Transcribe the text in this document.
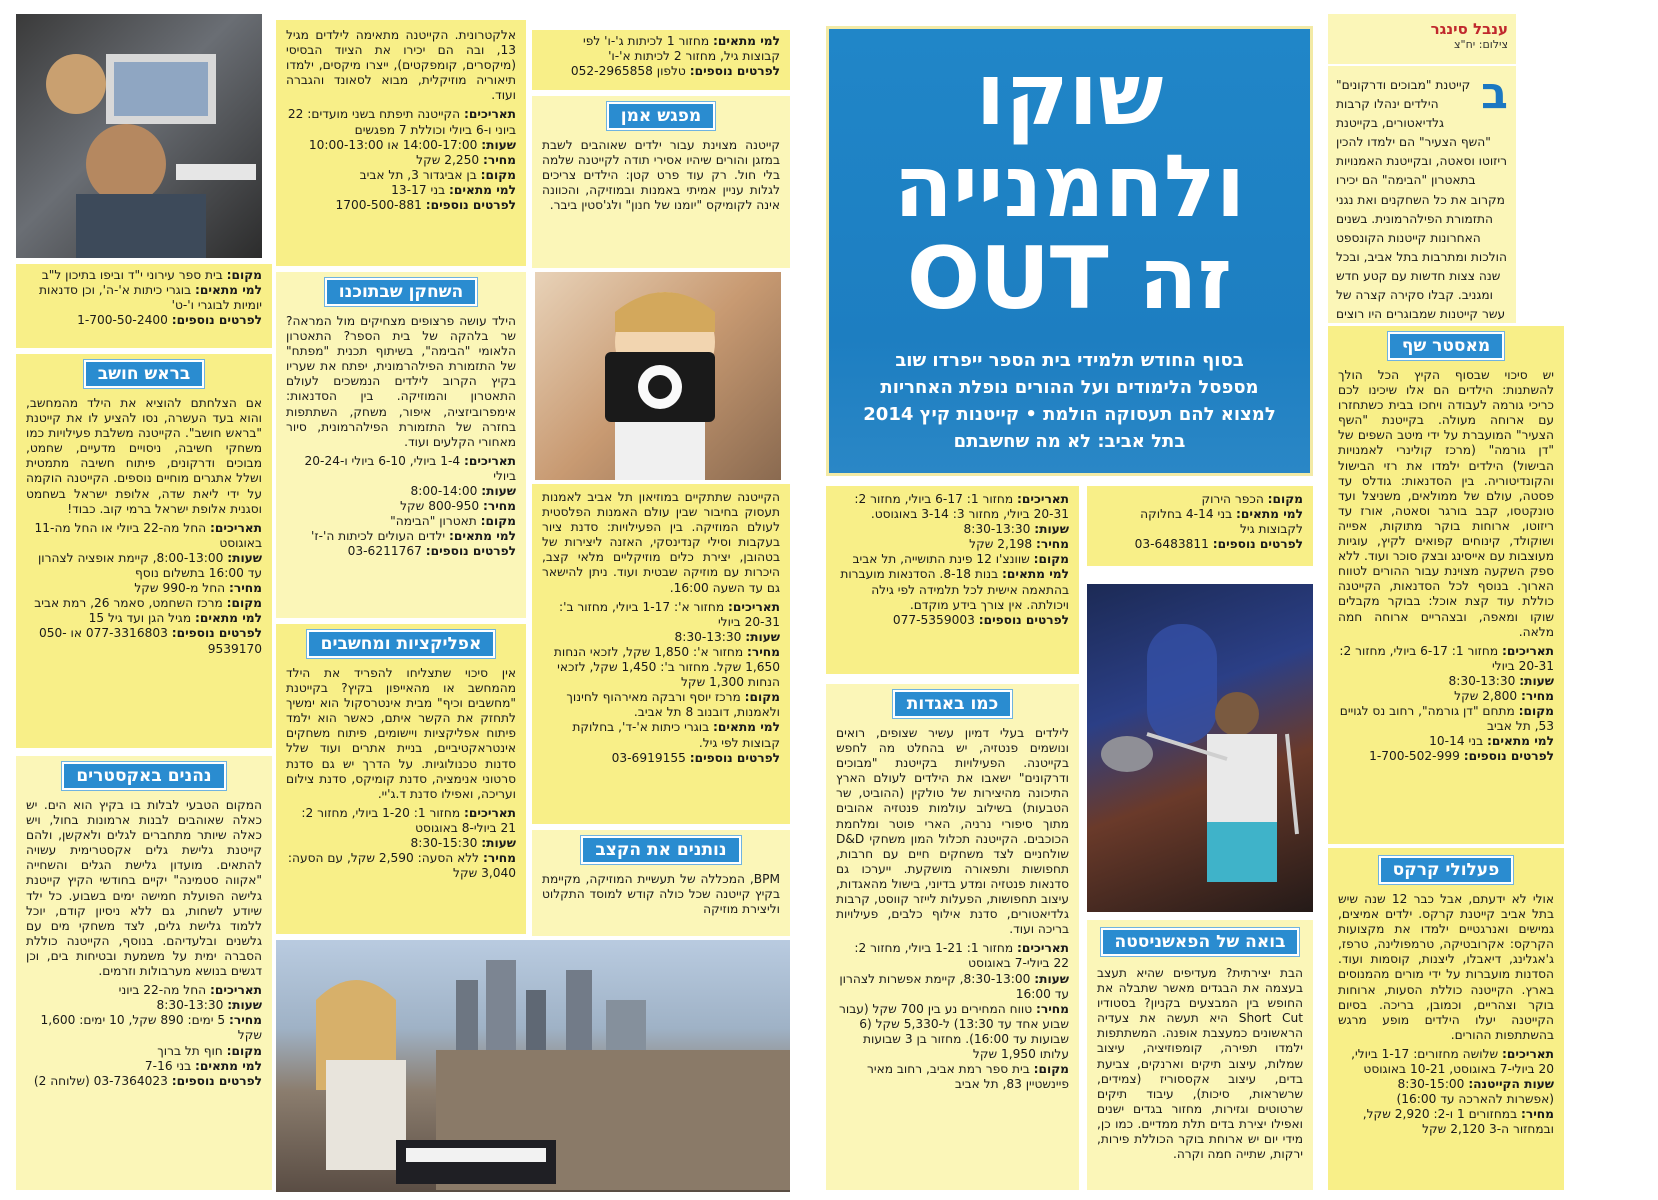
ענבל סינגר
צילום: יח"צ
ב
קייטנת "מבוכים ודרקונים" הילדים ינהלו קרבות גלדיאטורים, בקייטנת "השף הצעיר" הם ילמדו להכין ריזוטו וסאטה, ובקייטנת האמנויות בתאטרון "הבימה" הם יכירו מקרוב את כל השחקנים ואת נגני התזמורת הפילהרמונית. בשנים האחרונות קייטנות הקונספט הולכות ומתרבות בתל אביב, ובכל שנה צצות חדשות עם קטע חדש ומגניב. קבלו סקירה קצרה של עשר קייטנות שמבוגרים היו רוצים
מאסטר שף
יש סיכוי שבסוף הקיץ הכל הולך להשתנות: הילדים הם אלו שיכינו לכם כריכי גורמה לעבודה ויחכו בבית כשתחזרו עם ארוחה מעולה. בקייטנת "השף הצעיר" המועברת על ידי מיטב השפים של "דן גורמה" (מרכז קולינרי לאמנויות הבישול) הילדים ילמדו את רזי הבישול והקונדיטוריה. בין הסדנאות: גודלס עד פסטה, עולם של ממולאים, משניצל ועד טונקטסו, קבב בורגר וסאטה, אורז עד ריזוטו, ארוחות בוקר מתוקות, אפייה ושוקולד, קינוחים קפואים לקיץ, עוגיות מעוצבות עם אייסינג ובצק סוכר ועוד. ללא ספק השקעה מצוינת עבור ההורים לטווח הארוך. בנוסף לכל הסדנאות, הקייטנה כוללת עוד קצת אוכל: בבוקר מקבלים שוקו ומאפה, ובצהריים ארוחה חמה מלאה.

תאריכים: מחזור 1: 6-17 ביולי, מחזור 2: 20-31 ביולי

שעות: 8:30-13:30

מחיר: 2,800 שקל

מקום: מתחם "דן גורמה", רחוב נס לגויים 53, תל אביב

למי מתאים: בני 10-14

לפרטים נוספים: 1-700-502-999

פעלולי קרקס
אולי לא ידעתם, אבל כבר 12 שנה שיש בתל אביב קייטנת קרקס. ילדים אמיצים, גמישים ואנרגטיים ילמדו את מקצועות הקרקס: אקרובטיקה, טרמפולינה, טרפז, ג'אגלינג, דיאבלו, ליצנות, קוסמות ועוד. הסדנות מועברות על ידי מורים מהמנוסים בארץ. הקייטנה כוללת הסעות, ארוחות בוקר וצהריים, וכמובן, בריכה. בסיום הקייטנה יעלו הילדים מופע מרגש בהשתתפות ההורים.

תאריכים: שלושה מחזורים: 1-17 ביולי, 20 ביולי-7 באוגוסט, 10-21 באוגוסט

שעות הקייטנה: 8:30-15:00

(אפשרות להארכה עד 16:00)

מחיר: במחזורים 1 ו-2: 2,920 שקל, ובמחזור ה-3 2,120 שקל

שוקו
ולחמנייה
זה OUT
בסוף החודש תלמידי בית הספר ייפרדו שוב
מספסל הלימודים ועל ההורים נופלת האחריות
למצוא להם תעסוקה הולמת • קייטנות קיץ 2014
בתל אביב: לא מה שחשבתם

מקום: הכפר הירוק

למי מתאים: בני 4-14 בחלוקה לקבוצות גיל

לפרטים נוספים: 03-6483811

בואה של הפאשניסטה
הבת יצירתית? מעדיפים שהיא תעצב בעצמה את הבגדים מאשר שתבלה את החופש בין המבצעים בקניון? בסטודיו Short Cut היא תעשה את צעדיה הראשונים כמעצבת אופנה. המשתתפות ילמדו תפירה, קומפוזיציה, עיצוב שמלות, עיצוב תיקים וארנקים, צביעת בדים, עיצוב אקססוריז (צמידים, שרשראות, סיכות), עיבוד תיקים שרטוטים וגזירות, מחזור בגדים ישנים ואפילו יצירת בדים תלת ממדיים. כמו כן, מידי יום יש ארוחת בוקר הכוללת פירות, ירקות, שתייה חמה וקרה.

תאריכים: מחזור 1: 6-17 ביולי, מחזור 2: 20-31 ביולי, מחזור 3: 3-14 באוגוסט.

שעות: 8:30-13:30

מחיר: 2,198 שקל

מקום: שוונצ'ו 12 פינת התושייה, תל אביב

למי מתאים: בנות 8-18. הסדנאות מועברות בהתאמה אישית לכל תלמידה לפי גילה ויכולתה. אין צורך בידע מוקדם.

לפרטים נוספים: 077-5359003

כמו באגדות
לילדים בעלי דמיון עשיר שצופים, רואים ונושמים פנטזיה, יש בהחלט מה לחפש בקייטנה. הפעילויות בקייטנת "מבוכים ודרקונים" ישאבו את הילדים לעולם הארץ התיכונה מהיצירות של טולקין (ההוביט, שר הטבעות) בשילוב עולמות פנטזיה אהובים מתוך סיפורי נרניה, הארי פוטר ומלחמת הכוכבים. הקייטנה תכלול המון משחקי D&D שולחניים לצד משחקים חיים עם חרבות, תחפושות ותפאורה מושקעת. ייערכו גם סדנאות פנטזיה ומדע בדיוני, בישול מהאגדות, עיצוב תחפושות, הפעלות לייזר קווסט, קרבות גלדיאטורים, סדנת אילוף כלבים, פעילויות בריכה ועוד.

תאריכים: מחזור 1: 1-21 ביולי, מחזור 2: 22 ביולי-7 באוגוסט

שעות: 8:30-13:00, קיימת אפשרות לצהרון עד 16:00

מחיר: טווח המחירים נע בין 700 שקל (עבור שבוע אחד עד 13:30) ל-5,330 שקל (6 שבועות עד 16:00). מחזור בן 3 שבועות עלותו 1,950 שקל

מקום: בית ספר רמת אביב, רחוב מאיר פיינשטיין 83, תל אביב

למי מתאים: מחזור 1 לכיתות ג'-ו' לפי קבוצות גיל, מחזור 2 לכיתות א'-ו'

לפרטים נוספים: טלפון 052-2965858

מפגש אמן
קייטנה מצוינת עבור ילדים שאוהבים לשבת במזגן והורים שיהיו אסירי תודה לקייטנה שלמה בלי חול. רק עוד פרט קטן: הילדים צריכים לגלות עניין אמיתי באמנות ובמוזיקה, והכוונה אינה לקומיקס "יומנו של חנון" ולג'סטין ביבר.
הקייטנה שתתקיים במוזיאון תל אביב לאמנות תעסוק בחיבור שבין עולם האמנות הפלסטית לעולם המוזיקה. בין הפעילויות: סדנת ציור בעקבות וסילי קנדינסקי, האזנה ליצירות של בטהובן, יצירת כלים מוזיקליים מלאי קצב, היכרות עם מוזיקה שבטית ועוד. ניתן להישאר גם עד השעה 16:00.

תאריכים: מחזור א': 1-17 ביולי, מחזור ב': 20-31 ביולי

שעות: 8:30-13:30

מחיר: מחזור א': 1,850 שקל, לזכאי הנחות 1,650 שקל. מחזור ב': 1,450 שקל, לזכאי הנחות 1,300 שקל

מקום: מרכז יוסף ורבקה מאירהוף לחינוך ולאמנות, דובנוב 8 תל אביב.

למי מתאים: בוגרי כיתות א'-ד', בחלוקת קבוצות לפי גיל.

לפרטים נוספים: 03-6919155

נותנים את הקצב
BPM, המכללה של תעשיית המוזיקה, מקיימת בקיץ קייטנה שכל כולה קודש למוסד התקלוט וליצירת מוזיקה
אלקטרונית. הקייטנה מתאימה לילדים מגיל 13, ובה הם יכירו את הציוד הבסיסי (מיקסרים, קומפקטים), ייצרו מיקסים, ילמדו תיאוריה מוזיקלית, מבוא לסאונד והגברה ועוד.

תאריכים: הקייטנה תיפתח בשני מועדים: 22 ביוני ו-6 ביולי וכוללת 7 מפגשים

שעות: 14:00-17:00 או 10:00-13:00

מחיר: 2,250 שקל

מקום: בן אביגדור 3, תל אביב

למי מתאים: בני 13-17

לפרטים נוספים: 1700-500-881

השחקן שבתוכנו
הילד עושה פרצופים מצחיקים מול המראה? שר בלהקה של בית הספר? התאטרון הלאומי "הבימה", בשיתוף תכנית "מפתח" של התזמורת הפילהרמונית, יפתח את שעריו בקיץ הקרוב לילדים הנמשכים לעולם התאטרון והמוזיקה. בין הסדנאות: אימפרוביזציה, איפור, משחק, השתתפות בחזרה של התזמורת הפילהרמונית, סיור מאחורי הקלעים ועוד.

תאריכים: 1-4 ביולי, 6-10 ביולי ו-20-24 ביולי

שעות: 8:00-14:00

מחיר: 800-950 שקל

מקום: תאטרון "הבימה"

למי מתאים: ילדים העולים לכיתות ה'-ז'

לפרטים נוספים: 03-6211767

אפליקציות ומחשבים
אין סיכוי שתצליחו להפריד את הילד מהמחשב או מהאייפון בקיץ? בקייטנת "מחשבים וכיף" מבית אינטרסקול הוא ימשיך לתחזק את הקשר איתם, כאשר הוא ילמד פיתוח אפליקציות ויישומים, פיתוח משחקים אינטראקטיביים, בניית אתרים ועוד שלל סדנות טכנולוגיות. על הדרך יש גם סדנת סרטוני אנימציה, סדנת קומיקס, סדנת צילום ועריכה, ואפילו סדנת ד.ג'יי.

תאריכים: מחזור 1: 1-20 ביולי, מחזור 2: 21 ביולי-8 באוגוסט

שעות: 8:30-15:30

מחיר: ללא הסעה: 2,590 שקל, עם הסעה: 3,040 שקל

מקום: בית ספר עירוני י"ד וביפו בתיכון ל"ב

למי מתאים: בוגרי כיתות א'-ה', וכן סדנאות יומיות לבוגרי ו'-ט'

לפרטים נוספים: 1-700-50-2400

בראש חושב
אם הצלחתם להוציא את הילד מהמחשב, והוא בעד העשרה, נסו להציע לו את קייטנת "בראש חושב". הקייטנה משלבת פעילויות כמו משחקי חשיבה, ניסויים מדעיים, שחמט, מבוכים ודרקונים, פיתוח חשיבה מתמטית ושלל אתגרים מוחיים נוספים. הקייטנה הוקמה על ידי ליאת שדה, אלופת ישראל בשחמט וסגנית אלופת ישראל ברמי קוב. כבוד!

תאריכים: החל מה-22 ביולי או החל מה-11 באוגוסט

שעות: 8:00-13:00, קיימת אופציה לצהרון עד 16:00 בתשלום נוסף

מחיר: החל מ-990 שקל

מקום: מרכז השחמט, סאמר 26, רמת אביב

למי מתאים: מגיל הגן ועד גיל 15

לפרטים נוספים: 077-3316803 או 050-9539170

נהנים באקסטרים
המקום הטבעי לבלות בו בקיץ הוא הים. יש כאלה שאוהבים לבנות ארמונות בחול, ויש כאלה שיותר מתחברים לגלים ולאקשן, ולהם קייטנת גלישת גלים אקסטרימית עשויה להתאים. מועדון גלישת הגלים והשחייה "אקווה סטמינה" יקיים בחודשי הקיץ קייטנת גלישה הפועלת חמישה ימים בשבוע. כל ילד שיודע לשחות, גם ללא ניסיון קודם, יוכל ללמוד גלישת גלים, לצד משחקי מים עם גלשנים ובלעדיהם. בנוסף, הקייטנה כוללת הסברה ימית על משמעת ובטיחות בים, וכן דגשים בנושא מערבולות וזרמים.

תאריכים: החל מה-22 ביוני

שעות: 8:30-13:30

מחיר: 5 ימים: 890 שקל, 10 ימים: 1,600 שקל

מקום: חוף תל ברוך

למי מתאים: בני 7-16

לפרטים נוספים: 03-7364023 (שלוחה 2)
